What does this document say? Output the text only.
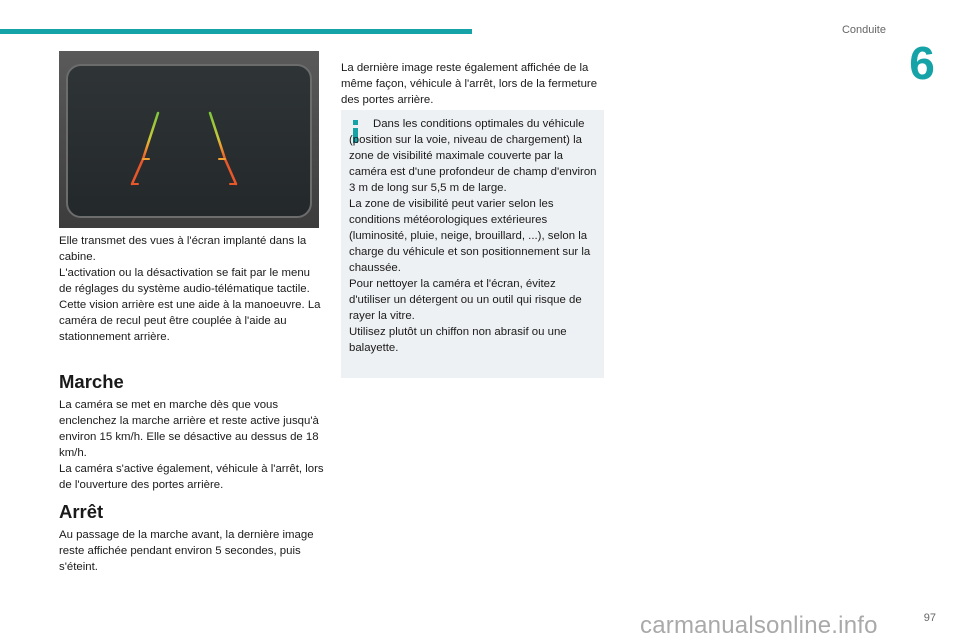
Conduite
6

Elle transmet des vues à l'écran implanté dans la cabine.

L'activation ou la désactivation se fait par le menu de réglages du système audio-télématique tactile.

Cette vision arrière est une aide à la manoeuvre. La caméra de recul peut être couplée à l'aide au stationnement arrière.

Marche

La caméra se met en marche dès que vous enclenchez la marche arrière et reste active jusqu'à environ 15 km/h. Elle se désactive au dessus de 18 km/h.

La caméra s'active également, véhicule à l'arrêt, lors de l'ouverture des portes arrière.

Arrêt

Au passage de la marche avant, la dernière image reste affichée pendant environ 5 secondes, puis s'éteint.

La dernière image reste également affichée de la même façon, véhicule à l'arrêt, lors de la fermeture des portes arrière.

Dans les conditions optimales du véhicule (position sur la voie, niveau de chargement) la zone de visibilité maximale couverte par la caméra est d'une profondeur de champ d'environ 3 m de long sur 5,5 m de large.
La zone de visibilité peut varier selon les conditions météorologiques extérieures (luminosité, pluie, neige, brouillard, ...), selon la charge du véhicule et son positionnement sur la chaussée.
Pour nettoyer la caméra et l'écran, évitez d'utiliser un détergent ou un outil qui risque de rayer la vitre.
Utilisez plutôt un chiffon non abrasif ou une balayette.
carmanualsonline.info	97
